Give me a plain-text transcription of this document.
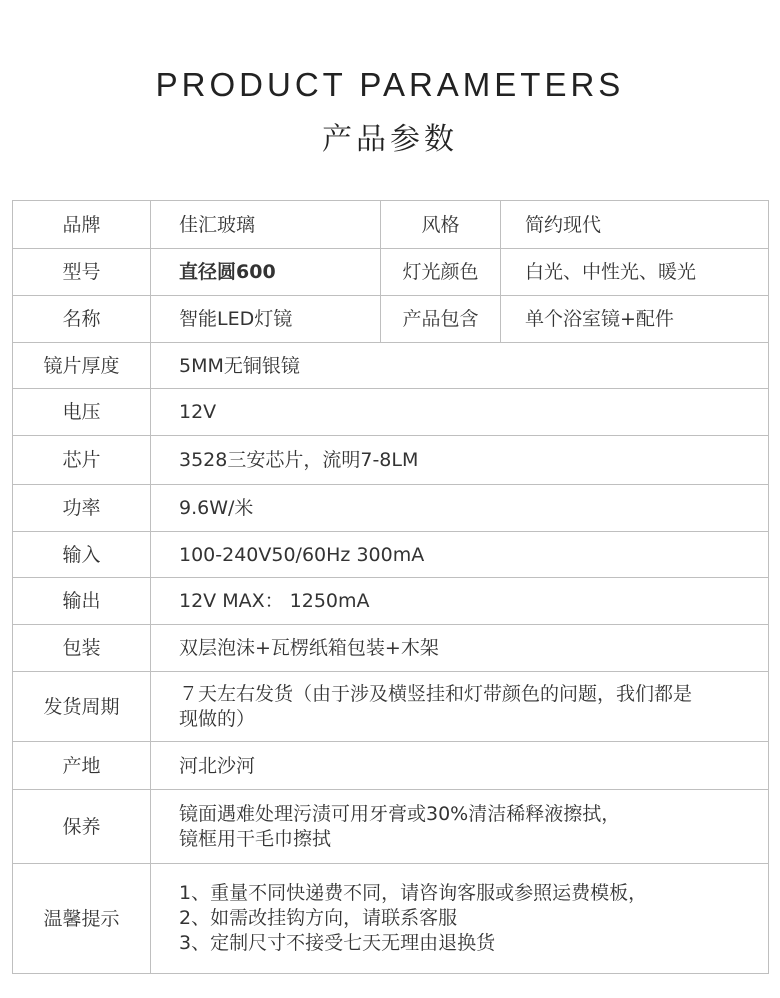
PRODUCT PARAMETERS
产品参数
品牌	佳汇玻璃	风格	简约现代
型号	直径圆600	灯光颜色	白光、中性光、暖光
名称	智能LED灯镜	产品包含	单个浴室镜+配件
镜片厚度	5MM无铜银镜		
电压	12V		
芯片	3528三安芯片，流明7-8LM		
功率	9.6W/米		
输入	100-240V50/60Hz 300mA		
输出	12V MAX： 1250mA		
包装	双层泡沫+瓦楞纸箱包装+木架		
发货周期	７天左右发货（由于涉及横竖挂和灯带颜色的问题，我们都是
现做的）		

产地	河北沙河		
保养	镜面遇难处理污渍可用牙膏或30%清洁稀释液擦拭，
镜框用干毛巾擦拭		

温馨提示	1、重量不同快递费不同，请咨询客服或参照运费模板，
2、如需改挂钩方向，请联系客服
3、定制尺寸不接受七天无理由退换货		
